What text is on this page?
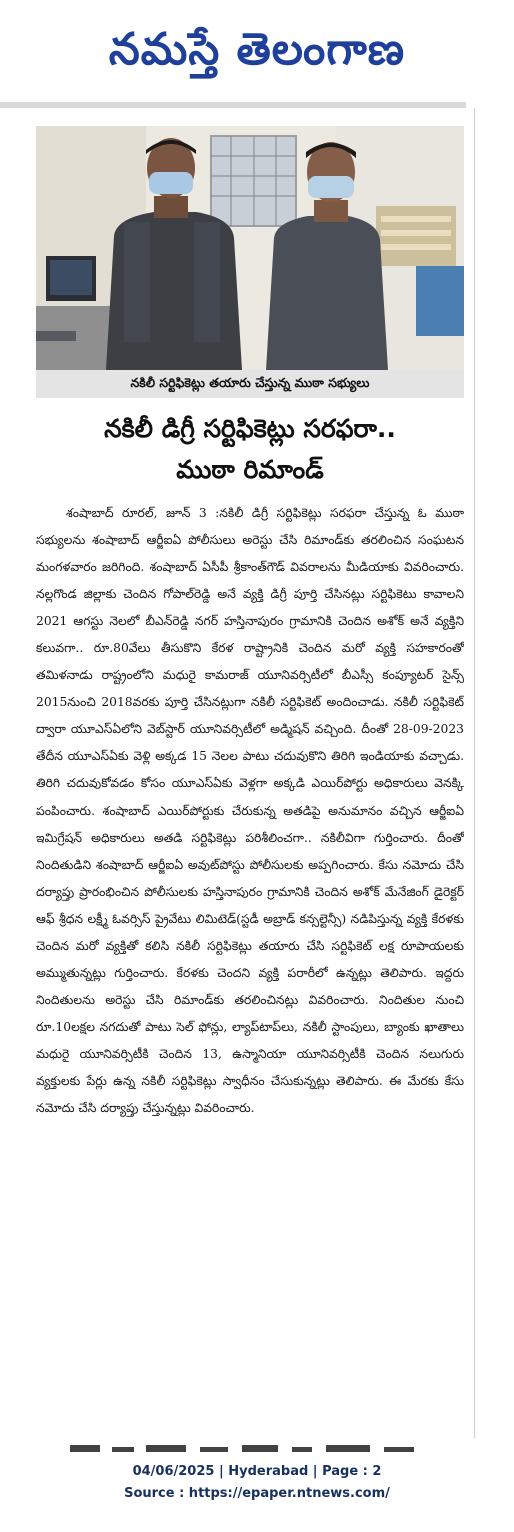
నమస్తే తెలంగాణ
నకిలీ సర్టిఫికెట్లు తయారు చేస్తున్న ముఠా సభ్యులు
నకిలీ డిగ్రీ సర్టిఫికెట్లు సరఫరా..
ముఠా రిమాండ్

శంషాబాద్ రూరల్, జూన్ 3 :నకిలీ డిగ్రీ సర్టిఫికెట్లు సరఫరా చేస్తున్న ఓ ముఠా సభ్యులను శంషాబాద్ ఆర్జీఐఏ పోలీసులు అరెస్టు చేసి రిమాండ్‌కు తరలించిన సంఘటన మంగళవారం జరిగింది. శంషాబాద్ ఏసీపీ శ్రీకాంత్‌గౌడ్ వివరాలను మీడియాకు వివరించారు. నల్లగొండ జిల్లాకు చెందిన గోపాల్‌రెడ్డి అనే వ్యక్తి డిగ్రీ పూర్తి చేసినట్లు సర్టిఫికెటు కావాలని 2021 ఆగస్టు నెలలో బీఎన్‌రెడ్డి నగర్ హస్తినాపురం గ్రామానికి చెందిన అశోక్ అనే వ్యక్తిని కలువగా.. రూ.80వేలు తీసుకొని కేరళ రాష్ట్రానికి చెందిన మరో వ్యక్తి సహకారంతో తమిళనాడు రాష్ట్రంలోని మధురై కామరాజ్ యూనివర్సిటీలో బీఎస్సీ కంప్యూటర్ సైన్స్ 2015నుంచి 2018వరకు పూర్తి చేసినట్లుగా నకిలీ సర్టిఫికెట్ అందించాడు. నకిలీ సర్టిఫికెట్ ద్వారా యూఎస్‌ఏలోని వెబ్‌స్టార్ యూనివర్సిటీలో అడ్మిషన్ వచ్చింది. దీంతో 28-09-2023 తేదీన యూఎస్‌ఏకు వెళ్లి అక్కడ 15 నెలల పాటు చదువుకొని తిరిగి ఇండియాకు వచ్చాడు. తిరిగి చదువుకోవడం కోసం యూఎస్‌ఏకు వెళ్లగా అక్కడి ఎయిర్‌పోర్టు అధికారులు వెనక్కి పంపించారు. శంషాబాద్ ఎయిర్‌పోర్టుకు చేరుకున్న అతడిపై అనుమానం వచ్చిన ఆర్జీఐఏ ఇమిగ్రేషన్ అధికారులు అతడి సర్టిఫికెట్లు పరిశీలించగా.. నకిలీవిగా గుర్తించారు. దీంతో నిందితుడిని శంషాబాద్ ఆర్జీఐఏ అవుట్‌పోస్టు పోలీసులకు అప్పగించారు. కేసు నమోదు చేసి దర్యాప్తు ప్రారంభించిన పోలీసులకు హస్తినాపురం గ్రామానికి చెందిన అశోక్ మేనేజింగ్ డైరెక్టర్ ఆఫ్ శ్రీధన లక్ష్మీ ఓవర్సిస్ ప్రైవేటు లిమిటెడ్(స్టడీ అబ్రాడ్ కన్సల్టెన్సీ) నడిపిస్తున్న వ్యక్తి కేరళకు చెందిన మరో వ్యక్తితో కలిసి నకిలీ సర్టిఫికెట్లు తయారు చేసి సర్టిఫికెట్ లక్ష రూపాయలకు అమ్ముతున్నట్లు గుర్తించారు. కేరళకు చెందని వ్యక్తి పరారీలో ఉన్నట్లు తెలిపారు. ఇద్దరు నిందితులను అరెస్టు చేసి రిమాండ్‌కు తరలించినట్లు వివరించారు. నిందితుల నుంచి రూ.10లక్షల నగదుతో పాటు సెల్ ఫోన్లు, ల్యాప్‌టాప్‌లు, నకిలీ స్టాంపులు, బ్యాంకు ఖాతాలు మధురై యూనివర్సిటీకి చెందిన 13, ఉస్మానియా యూనివర్సిటీకి చెందిన నలుగురు వ్యక్తులకు పేర్లు ఉన్న నకిలీ సర్టిఫికెట్లు స్వాధీనం చేసుకున్నట్లు తెలిపారు. ఈ మేరకు కేసు నమోదు చేసి దర్యాప్తు చేస్తున్నట్లు వివరించారు.

04/06/2025 | Hyderabad | Page : 2
Source : https://epaper.ntnews.com/
